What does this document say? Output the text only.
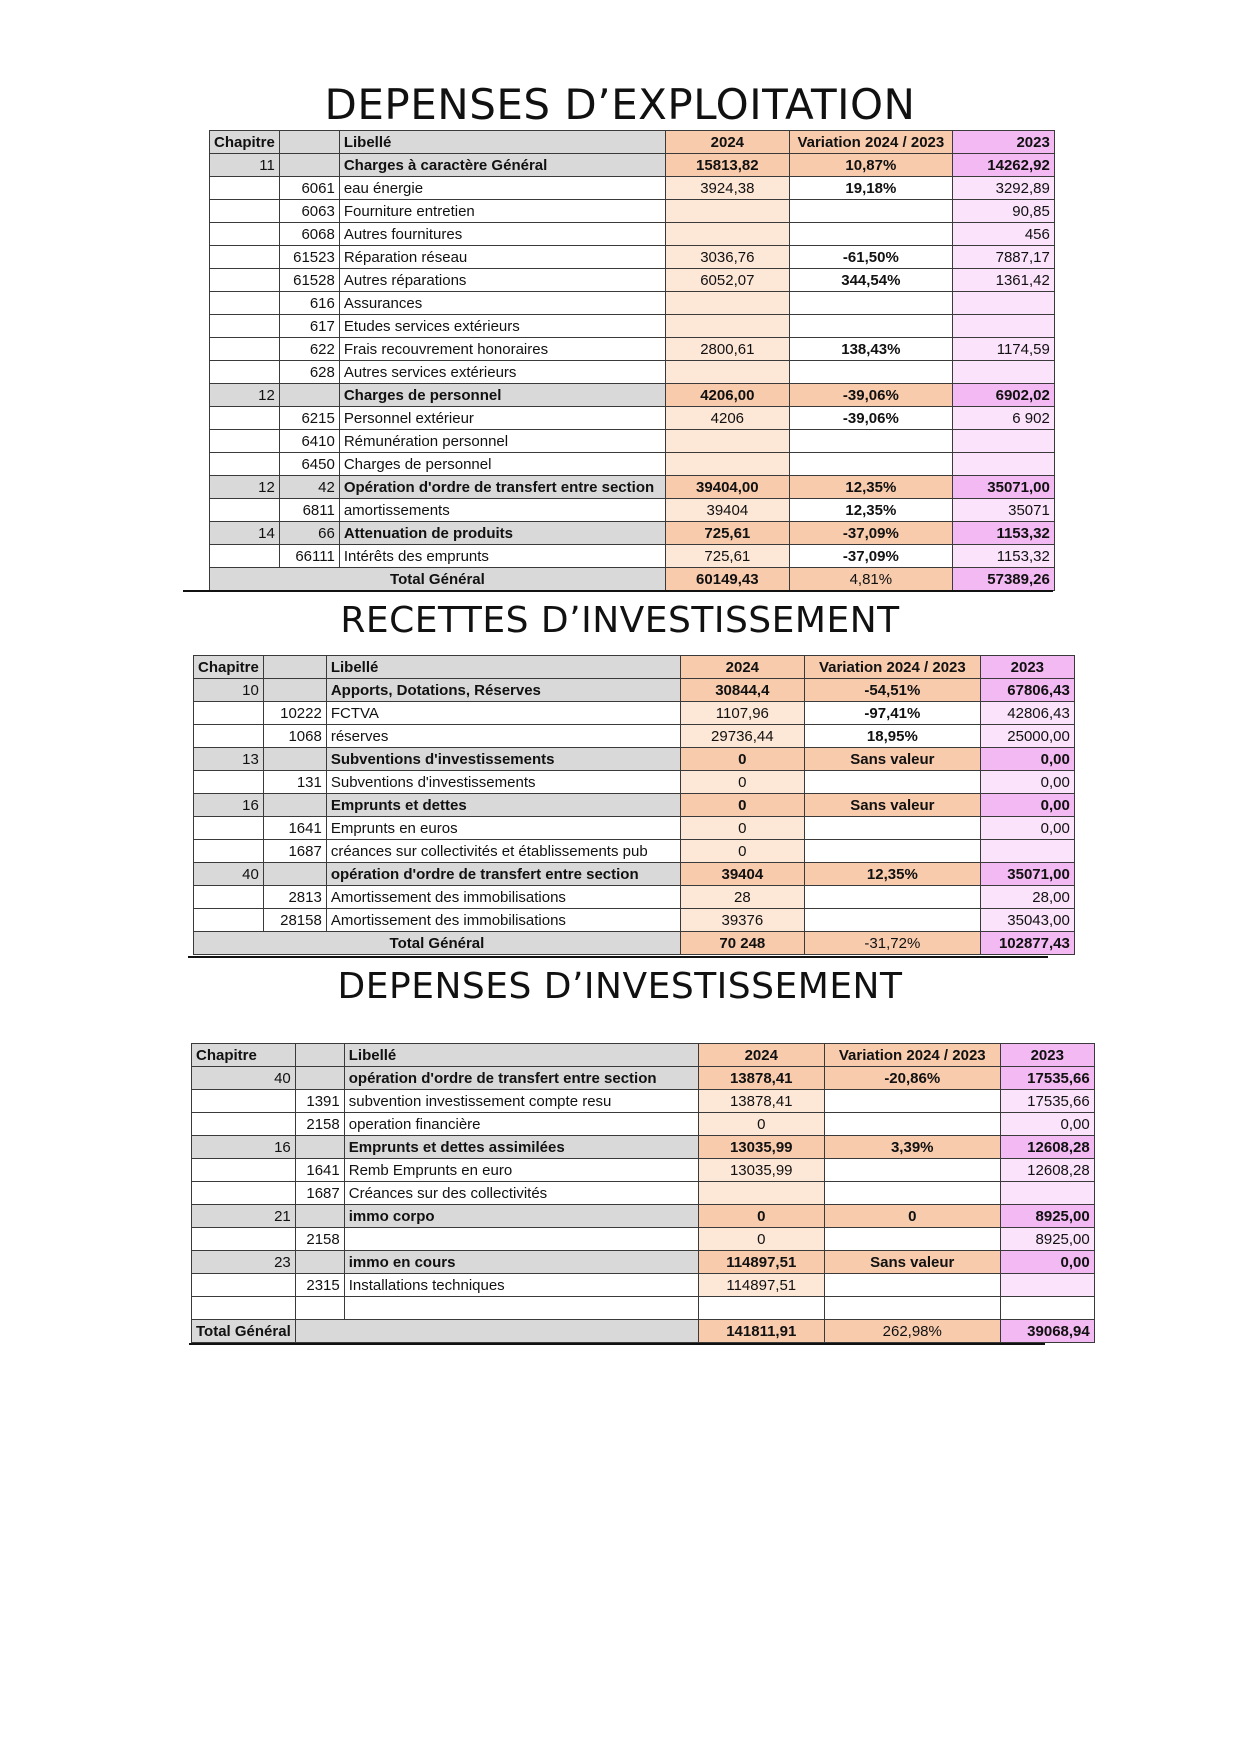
DEPENSES D’EXPLOITATION
Chapitre		Libellé	2024	Variation 2024 / 2023	2023
11		Charges à caractère Général	15813,82	10,87%	14262,92
	6061	eau énergie	3924,38	19,18%	3292,89
	6063	Fourniture entretien			90,85
	6068	Autres fournitures			456
	61523	Réparation réseau	3036,76	-61,50%	7887,17
	61528	Autres réparations	6052,07	344,54%	1361,42
	616	Assurances			
	617	Etudes services extérieurs			
	622	Frais recouvrement honoraires	2800,61	138,43%	1174,59
	628	Autres services extérieurs			
12		Charges de personnel	4206,00	-39,06%	6902,02
	6215	Personnel extérieur	4206	-39,06%	6 902
	6410	Rémunération personnel			
	6450	Charges de personnel			
12	42	Opération d'ordre de transfert entre section	39404,00	12,35%	35071,00
	6811	amortissements	39404	12,35%	35071
14	66	Attenuation de produits	725,61	-37,09%	1153,32
	66111	Intérêts des emprunts	725,61	-37,09%	1153,32
Total Général			60149,43	4,81%	57389,26
RECETTES D’INVESTISSEMENT
Chapitre		Libellé	2024	Variation 2024 / 2023	2023
10		Apports, Dotations, Réserves	30844,4	-54,51%	67806,43
	10222	FCTVA	1107,96	-97,41%	42806,43
	1068	réserves	29736,44	18,95%	25000,00
13		Subventions d'investissements	0	Sans valeur	0,00
	131	Subventions d'investissements	0		0,00
16		Emprunts et dettes	0	Sans valeur	0,00
	1641	Emprunts en euros	0		0,00
	1687	créances sur collectivités et établissements pub	0		
40		opération d'ordre de transfert entre section	39404	12,35%	35071,00
	2813	Amortissement des immobilisations	28		28,00
	28158	Amortissement des immobilisations	39376		35043,00
Total Général			70 248	-31,72%	102877,43
DEPENSES D’INVESTISSEMENT
Chapitre		Libellé	2024	Variation 2024 / 2023	2023
40		opération d'ordre de transfert entre section	13878,41	-20,86%	17535,66
	1391	subvention investissement compte resu	13878,41		17535,66
	2158	operation financière	0		0,00
16		Emprunts et dettes assimilées	13035,99	3,39%	12608,28
	1641	Remb Emprunts en euro	13035,99		12608,28
	1687	Créances sur des collectivités			
21		immo corpo	0	0	8925,00
	2158		0		8925,00
23		immo en cours	114897,51	Sans valeur	0,00
	2315	Installations techniques	114897,51		

Total Général			141811,91	262,98%	39068,94
